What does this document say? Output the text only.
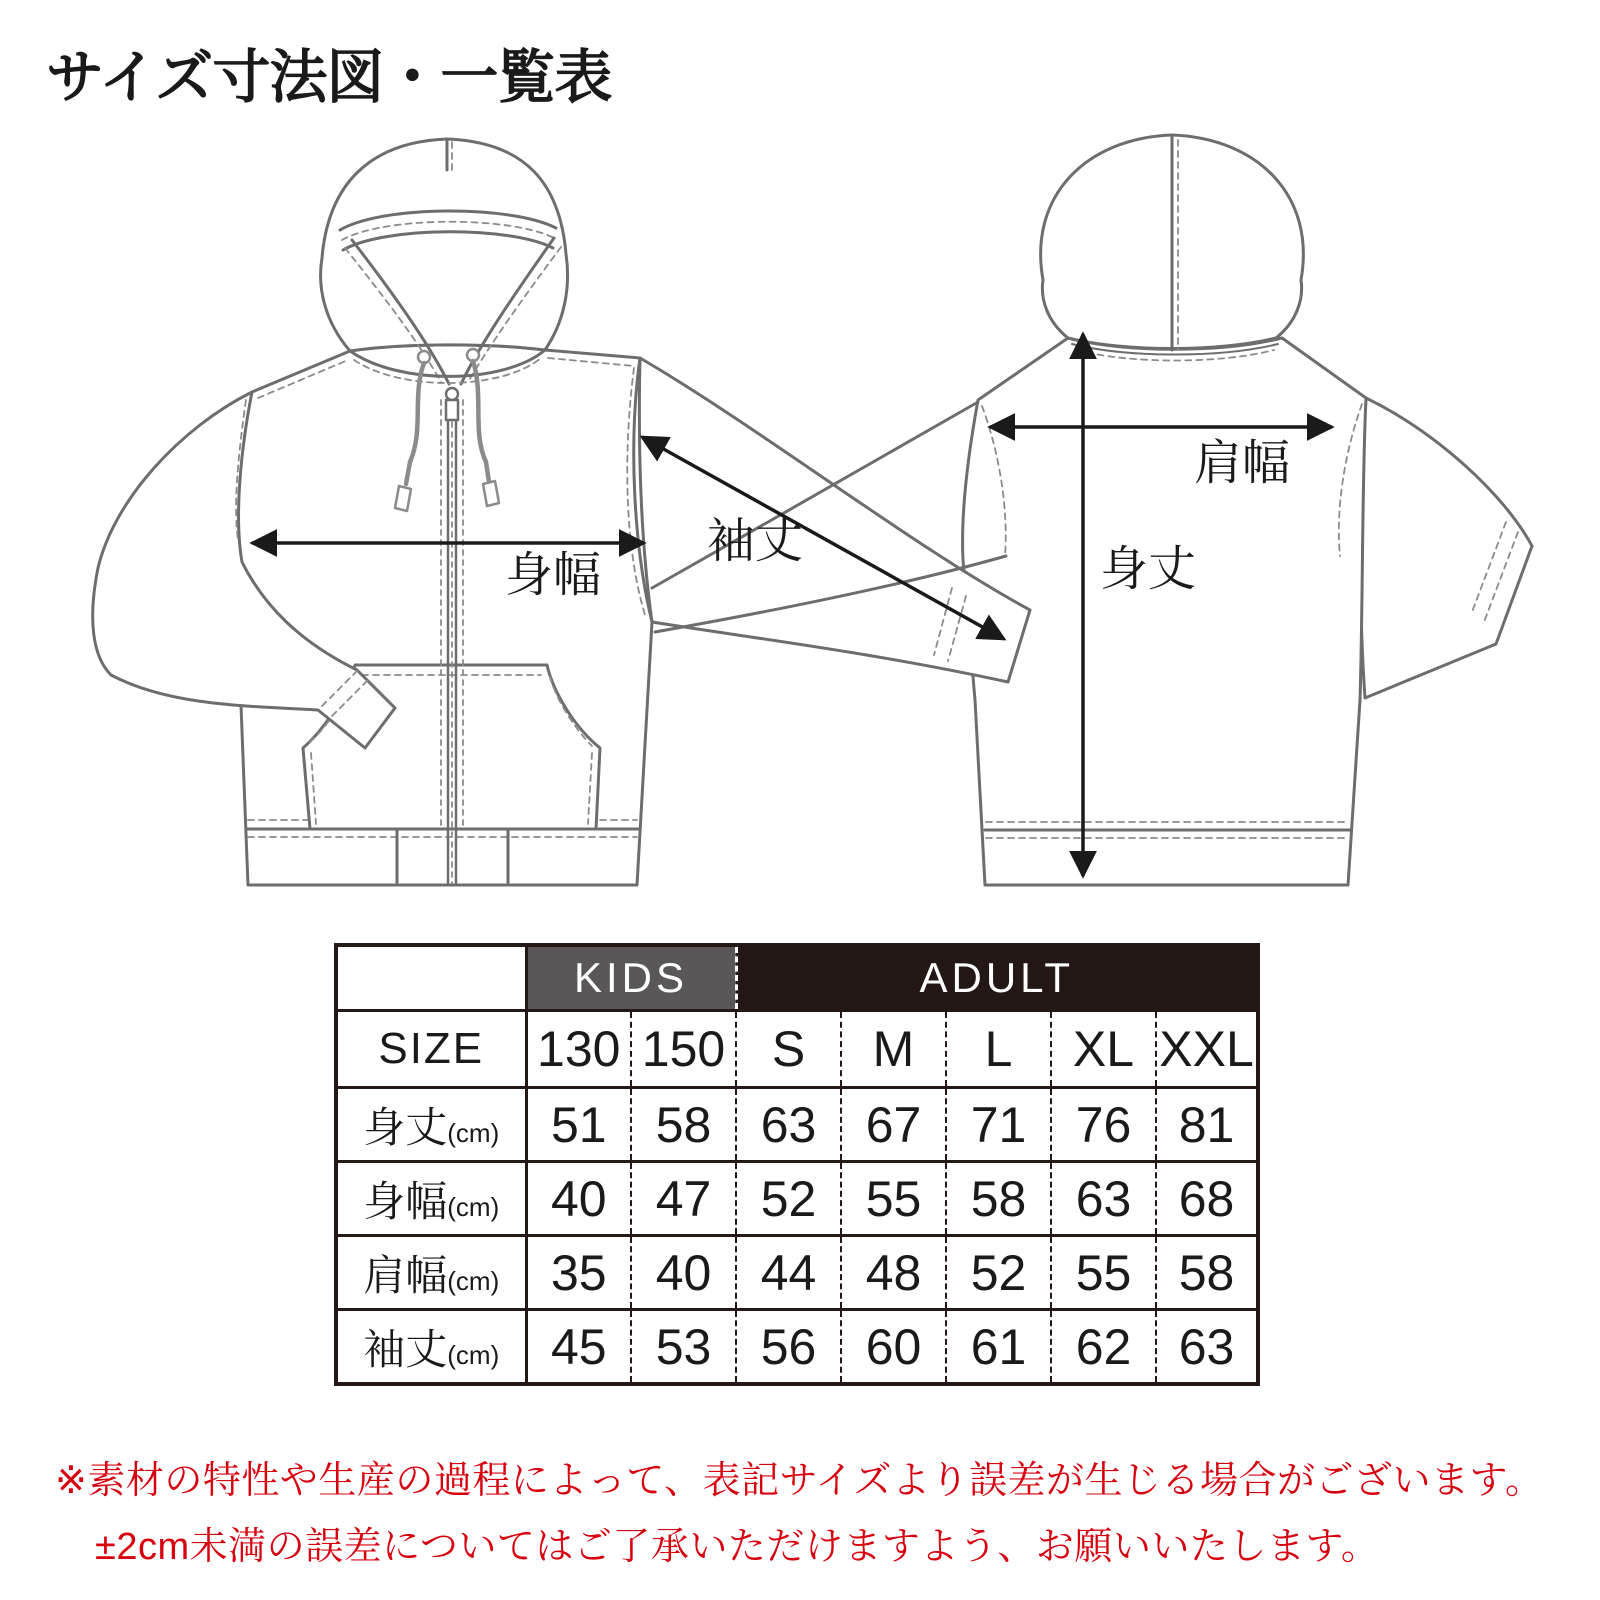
サイズ寸法図・一覧表
身幅
袖丈
肩幅
身丈
	KIDS		ADULT				
SIZE	130	150	S	M	L	XL	XXL
身丈(cm)	51	58	63	67	71	76	81
身幅(cm)	40	47	52	55	58	63	68
肩幅(cm)	35	40	44	48	52	55	58
袖丈(cm)	45	53	56	60	61	62	63

※素材の特性や生産の過程によって、表記サイズより誤差が生じる場合がございます。

±2cm未満の誤差についてはご了承いただけますよう、お願いいたします。
